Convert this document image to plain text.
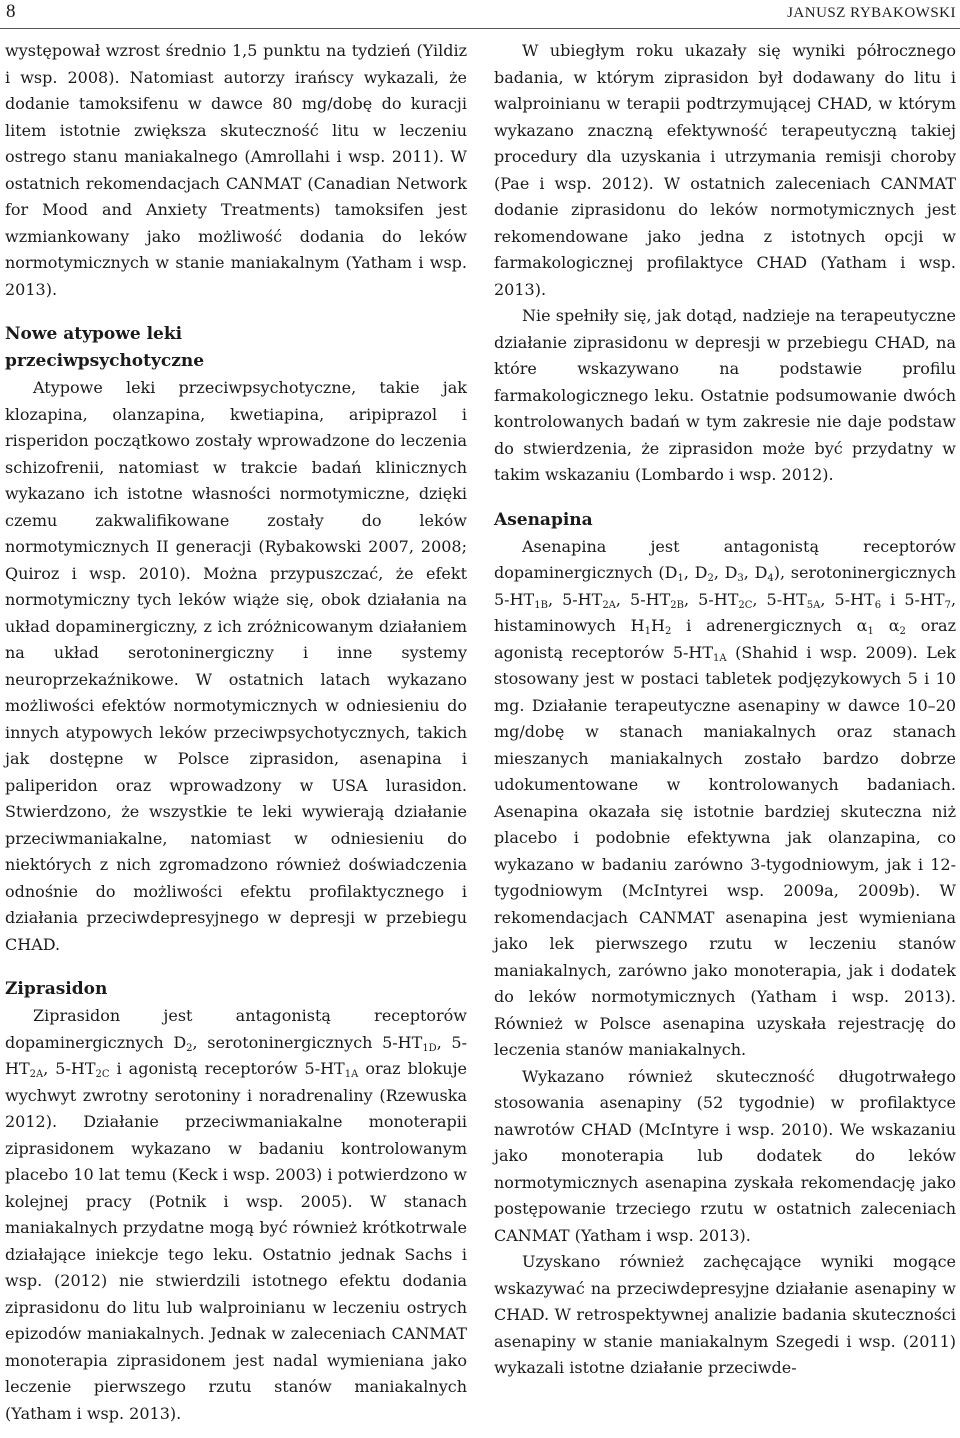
8	JANUSZ RYBAKOWSKI

występował wzrost średnio 1,5 punktu na tydzień (Yildiz i wsp. 2008). Natomiast autorzy irańscy wykazali, że dodanie tamoksifenu w dawce 80 mg/dobę do kuracji litem istotnie zwiększa skuteczność litu w leczeniu ostrego stanu maniakalnego (Amrollahi i wsp. 2011). W ostatnich rekomendacjach CANMAT (Canadian Network for Mood and Anxiety Treatments) tamoksifen jest wzmiankowany jako możliwość dodania do leków normotymicznych w stanie maniakalnym (Yatham i wsp. 2013).

Nowe atypowe leki
przeciwpsychotyczne

Atypowe leki przeciwpsychotyczne, takie jak klozapina, olanzapina, kwetiapina, aripiprazol i risperidon początkowo zostały wprowadzone do leczenia schizofrenii, natomiast w trakcie badań klinicznych wykazano ich istotne własności normotymiczne, dzięki czemu zakwalifikowane zostały do leków normotymicznych II generacji (Rybakowski 2007, 2008; Quiroz i wsp. 2010). Można przypuszczać, że efekt normotymiczny tych leków wiąże się, obok działania na układ dopaminergiczny, z ich zróżnicowanym działaniem na układ serotoninergiczny i inne systemy neuroprzekaźnikowe. W ostatnich latach wykazano możliwości efektów normotymicznych w odniesieniu do innych atypowych leków przeciwpsychotycznych, takich jak dostępne w Polsce ziprasidon, asenapina i paliperidon oraz wprowadzony w USA lurasidon. Stwierdzono, że wszystkie te leki wywierają działanie przeciwmaniakalne, natomiast w odniesieniu do niektórych z nich zgromadzono również doświadczenia odnośnie do możliwości efektu profilaktycznego i działania przeciwdepresyjnego w depresji w przebiegu CHAD.

Ziprasidon

Ziprasidon jest antagonistą receptorów dopaminergicznych $D_2$, serotoninergicznych $5-HT_{1D}$, $5-HT_{2A}$, $5-HT_{2C}$ i agonistą receptorów $5-HT_{1A}$ oraz blokuje wychwyt zwrotny serotoniny i noradrenaliny (Rzewuska 2012). Działanie przeciwmaniakalne monoterapii ziprasidonem wykazano w badaniu kontrolowanym placebo 10 lat temu (Keck i wsp. 2003) i potwierdzono w kolejnej pracy (Potnik i wsp. 2005). W stanach maniakalnych przydatne mogą być również krótkotrwale działające iniekcje tego leku. Ostatnio jednak Sachs i wsp. (2012) nie stwierdzili istotnego efektu dodania ziprasidonu do litu lub walproinianu w leczeniu ostrych epizodów maniakalnych. Jednak w zaleceniach CANMAT monoterapia ziprasidonem jest nadal wymieniana jako leczenie pierwszego rzutu stanów maniakalnych (Yatham i wsp. 2013).

W ubiegłym roku ukazały się wyniki półrocznego badania, w którym ziprasidon był dodawany do litu i walproinianu w terapii podtrzymującej CHAD, w którym wykazano znaczną efektywność terapeutyczną takiej procedury dla uzyskania i utrzymania remisji choroby (Pae i wsp. 2012). W ostatnich zaleceniach CANMAT dodanie ziprasidonu do leków normotymicznych jest rekomendowane jako jedna z istotnych opcji w farmakologicznej profilaktyce CHAD (Yatham i wsp. 2013).

Nie spełniły się, jak dotąd, nadzieje na terapeutyczne działanie ziprasidonu w depresji w przebiegu CHAD, na które wskazywano na podstawie profilu farmakologicznego leku. Ostatnie podsumowanie dwóch kontrolowanych badań w tym zakresie nie daje podstaw do stwierdzenia, że ziprasidon może być przydatny w takim wskazaniu (Lombardo i wsp. 2012).

Asenapina

Asenapina jest antagonistą receptorów dopaminergicznych ($D_1$, $D_2$, $D_3$, $D_4$), serotoninergicznych $5-HT_{1B}$, $5-HT_{2A}$, $5-HT_{2B}$, $5-HT_{2C}$, $5-HT_{5A}$, $5-HT_6$ i $5-HT_7$, histaminowych $H_1H_2$ i adrenergicznych $\alpha_1$ $\alpha_2$ oraz agonistą receptorów $5-HT_{1A}$ (Shahid i wsp. 2009). Lek stosowany jest w postaci tabletek podjęzykowych 5 i 10 mg. Działanie terapeutyczne asenapiny w dawce 10–20 mg/dobę w stanach maniakalnych oraz stanach mieszanych maniakalnych zostało bardzo dobrze udokumentowane w kontrolowanych badaniach. Asenapina okazała się istotnie bardziej skuteczna niż placebo i podobnie efektywna jak olanzapina, co wykazano w badaniu zarówno 3-tygodniowym, jak i 12-tygodniowym (McIntyrei wsp. 2009a, 2009b). W rekomendacjach CANMAT asenapina jest wymieniana jako lek pierwszego rzutu w leczeniu stanów maniakalnych, zarówno jako monoterapia, jak i dodatek do leków normotymicznych (Yatham i wsp. 2013). Również w Polsce asenapina uzyskała rejestrację do leczenia stanów maniakalnych.

Wykazano również skuteczność długotrwałego stosowania asenapiny (52 tygodnie) w profilaktyce nawrotów CHAD (McIntyre i wsp. 2010). We wskazaniu jako monoterapia lub dodatek do leków normotymicznych asenapina zyskała rekomendację jako postępowanie trzeciego rzutu w ostatnich zaleceniach CANMAT (Yatham i wsp. 2013).

Uzyskano również zachęcające wyniki mogące wskazywać na przeciwdepresyjne działanie asenapiny w CHAD. W retrospektywnej analizie badania skuteczności asenapiny w stanie maniakalnym Szegedi i wsp. (2011) wykazali istotne działanie przeciwde-
